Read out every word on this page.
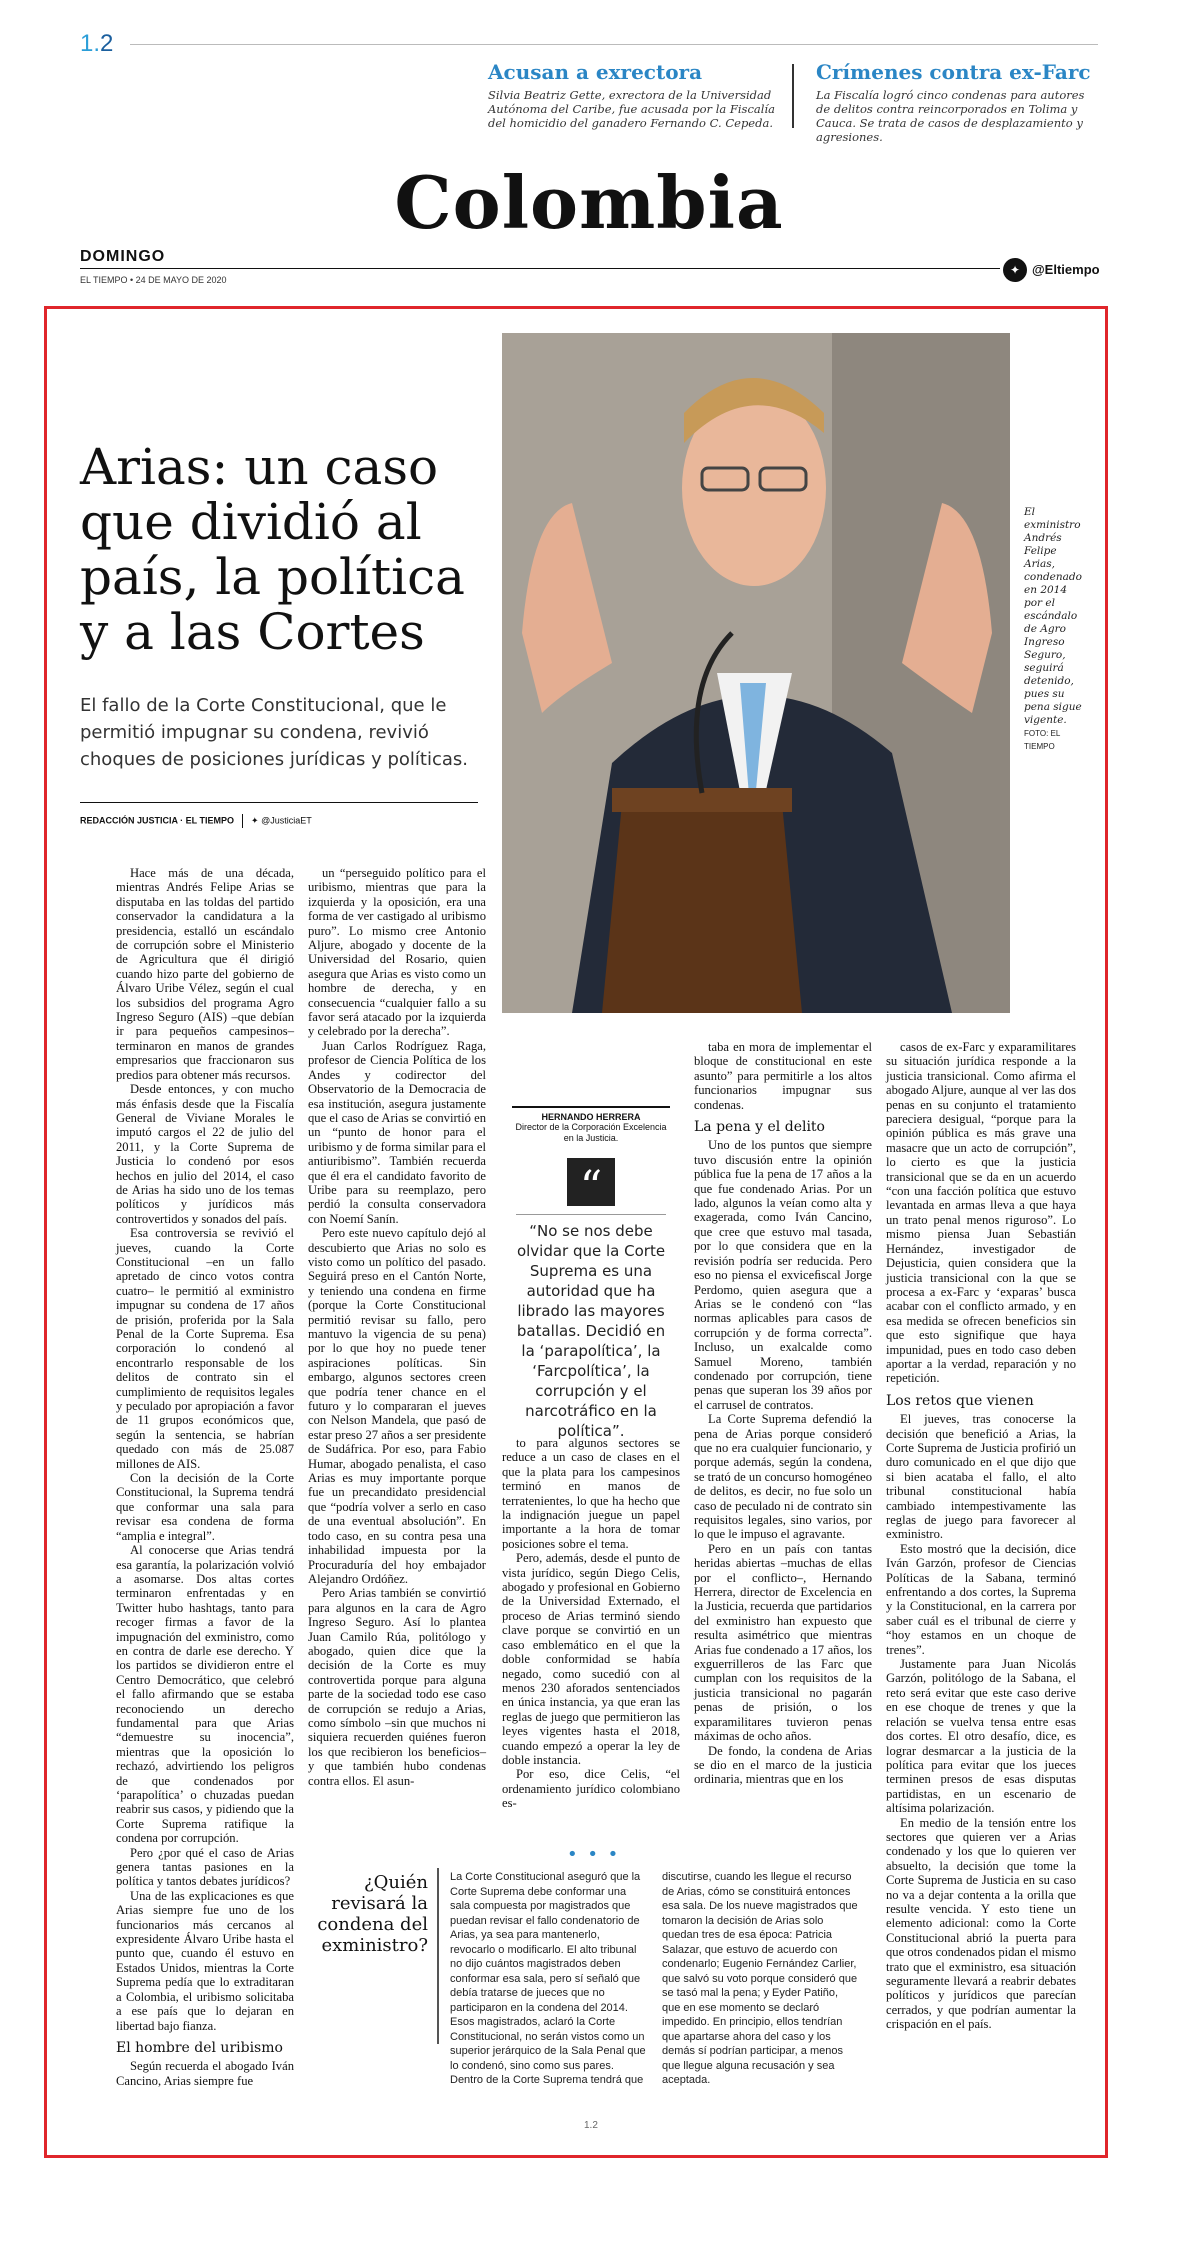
1.2
Acusan a exrectora

Silvia Beatriz Gette, exrectora de la Universidad Autónoma del Caribe, fue acusada por la Fiscalía del homicidio del ganadero Fernando C. Cepeda.

Crímenes contra ex-Farc

La Fiscalía logró cinco condenas para autores de delitos contra reincorporados en Tolima y Cauca. Se trata de casos de desplazamiento y agresiones.

Colombia
DOMINGO
EL TIEMPO • 24 DE MAYO DE 2020
✦ @Eltiempo
Arias: un caso que dividió al país, la política y a las Cortes

El fallo de la Corte Constitucional, que le permitió impugnar su condena, revivió choques de posiciones jurídicas y políticas.

REDACCIÓN JUSTICIA · EL TIEMPO ✦ @JusticiaET
El exministro Andrés Felipe Arias, condenado en 2014 por el escándalo de Agro Ingreso Seguro, seguirá detenido, pues su pena sigue vigente. FOTO: EL TIEMPO

Hace más de una década, mientras Andrés Felipe Arias se disputaba en las toldas del partido conservador la candidatura a la presidencia, estalló un escándalo de corrupción sobre el Ministerio de Agricultura que él dirigió cuando hizo parte del gobierno de Álvaro Uribe Vélez, según el cual los subsidios del programa Agro Ingreso Seguro (AIS) –que debían ir para pequeños campesinos– terminaron en manos de grandes empresarios que fraccionaron sus predios para obtener más recursos.

Desde entonces, y con mucho más énfasis desde que la Fiscalía General de Viviane Morales le imputó cargos el 22 de julio del 2011, y la Corte Suprema de Justicia lo condenó por esos hechos en julio del 2014, el caso de Arias ha sido uno de los temas políticos y jurídicos más controvertidos y sonados del país.

Esa controversia se revivió el jueves, cuando la Corte Constitucional –en un fallo apretado de cinco votos contra cuatro– le permitió al exministro impugnar su condena de 17 años de prisión, proferida por la Sala Penal de la Corte Suprema. Esa corporación lo condenó al encontrarlo responsable de los delitos de contrato sin el cumplimiento de requisitos legales y peculado por apropiación a favor de 11 grupos económicos que, según la sentencia, se habrían quedado con más de 25.087 millones de AIS.

Con la decisión de la Corte Constitucional, la Suprema tendrá que conformar una sala para revisar esa condena de forma “amplia e integral”.

Al conocerse que Arias tendrá esa garantía, la polarización volvió a asomarse. Dos altas cortes terminaron enfrentadas y en Twitter hubo hashtags, tanto para recoger firmas a favor de la impugnación del exministro, como en contra de darle ese derecho. Y los partidos se dividieron entre el Centro Democrático, que celebró el fallo afirmando que se estaba reconociendo un derecho fundamental para que Arias “demuestre su inocencia”, mientras que la oposición lo rechazó, advirtiendo los peligros de que condenados por ‘parapolítica’ o chuzadas puedan reabrir sus casos, y pidiendo que la Corte Suprema ratifique la condena por corrupción.

Pero ¿por qué el caso de Arias genera tantas pasiones en la política y tantos debates jurídicos?

Una de las explicaciones es que Arias siempre fue uno de los funcionarios más cercanos al expresidente Álvaro Uribe hasta el punto que, cuando él estuvo en Estados Unidos, mientras la Corte Suprema pedía que lo extraditaran a Colombia, el uribismo solicitaba a ese país que lo dejaran en libertad bajo fianza.

El hombre del uribismo

Según recuerda el abogado Iván Cancino, Arias siempre fue

un “perseguido político para el uribismo, mientras que para la izquierda y la oposición, era una forma de ver castigado al uribismo puro”. Lo mismo cree Antonio Aljure, abogado y docente de la Universidad del Rosario, quien asegura que Arias es visto como un hombre de derecha, y en consecuencia “cualquier fallo a su favor será atacado por la izquierda y celebrado por la derecha”.

Juan Carlos Rodríguez Raga, profesor de Ciencia Política de los Andes y codirector del Observatorio de la Democracia de esa institución, asegura justamente que el caso de Arias se convirtió en un “punto de honor para el uribismo y de forma similar para el antiuribismo”. También recuerda que él era el candidato favorito de Uribe para su reemplazo, pero perdió la consulta conservadora con Noemí Sanín.

Pero este nuevo capítulo dejó al descubierto que Arias no solo es visto como un político del pasado. Seguirá preso en el Cantón Norte, y teniendo una condena en firme (porque la Corte Constitucional permitió revisar su fallo, pero mantuvo la vigencia de su pena) por lo que hoy no puede tener aspiraciones políticas. Sin embargo, algunos sectores creen que podría tener chance en el futuro y lo compararan el jueves con Nelson Mandela, que pasó de estar preso 27 años a ser presidente de Sudáfrica. Por eso, para Fabio Humar, abogado penalista, el caso Arias es muy importante porque fue un precandidato presidencial que “podría volver a serlo en caso de una eventual absolución”. En todo caso, en su contra pesa una inhabilidad impuesta por la Procuraduría del hoy embajador Alejandro Ordóñez.

Pero Arias también se convirtió para algunos en la cara de Agro Ingreso Seguro. Así lo plantea Juan Camilo Rúa, politólogo y abogado, quien dice que la decisión de la Corte es muy controvertida porque para alguna parte de la sociedad todo ese caso de corrupción se redujo a Arias, como símbolo –sin que muchos ni siquiera recuerden quiénes fueron los que recibieron los beneficios– y que también hubo condenas contra ellos. El asun-

HERNANDO HERRERA
Director de la Corporación Excelencia en la Justicia.
“
“No se nos debe olvidar que la Corte Suprema es una autoridad que ha librado las mayores batallas. Decidió en la ‘parapolítica’, la ‘Farcpolítica’, la corrupción y el narcotráfico en la política”.

to para algunos sectores se reduce a un caso de clases en el que la plata para los campesinos terminó en manos de terratenientes, lo que ha hecho que la indignación juegue un papel importante a la hora de tomar posiciones sobre el tema.

Pero, además, desde el punto de vista jurídico, según Diego Celis, abogado y profesional en Gobierno de la Universidad Externado, el proceso de Arias terminó siendo clave porque se convirtió en un caso emblemático en el que la doble conformidad se había negado, como sucedió con al menos 230 aforados sentenciados en única instancia, ya que eran las reglas de juego que permitieron las leyes vigentes hasta el 2018, cuando empezó a operar la ley de doble instancia.

Por eso, dice Celis, “el ordenamiento jurídico colombiano es-

taba en mora de implementar el bloque de constitucional en este asunto” para permitirle a los altos funcionarios impugnar sus condenas.

La pena y el delito

Uno de los puntos que siempre tuvo discusión entre la opinión pública fue la pena de 17 años a la que fue condenado Arias. Por un lado, algunos la veían como alta y exagerada, como Iván Cancino, que cree que estuvo mal tasada, por lo que considera que en la revisión podría ser reducida. Pero eso no piensa el exviceﬁscal Jorge Perdomo, quien asegura que a Arias se le condenó con “las normas aplicables para casos de corrupción y de forma correcta”. Incluso, un exalcalde como Samuel Moreno, también condenado por corrupción, tiene penas que superan los 39 años por el carrusel de contratos.

La Corte Suprema defendió la pena de Arias porque consideró que no era cualquier funcionario, y porque además, según la condena, se trató de un concurso homogéneo de delitos, es decir, no fue solo un caso de peculado ni de contrato sin requisitos legales, sino varios, por lo que le impuso el agravante.

Pero en un país con tantas heridas abiertas –muchas de ellas por el conflicto–, Hernando Herrera, director de Excelencia en la Justicia, recuerda que partidarios del exministro han expuesto que resulta asimétrico que mientras Arias fue condenado a 17 años, los exguerrilleros de las Farc que cumplan con los requisitos de la justicia transicional no pagarán penas de prisión, o los exparamilitares tuvieron penas máximas de ocho años.

De fondo, la condena de Arias se dio en el marco de la justicia ordinaria, mientras que en los

casos de ex-Farc y exparamilitares su situación jurídica responde a la justicia transicional. Como afirma el abogado Aljure, aunque al ver las dos penas en su conjunto el tratamiento pareciera desigual, “porque para la opinión pública es más grave una masacre que un acto de corrupción”, lo cierto es que la justicia transicional que se da en un acuerdo “con una facción política que estuvo levantada en armas lleva a que haya un trato penal menos riguroso”. Lo mismo piensa Juan Sebastián Hernández, investigador de Dejusticia, quien considera que la justicia transicional con la que se procesa a ex-Farc y ‘exparas’ busca acabar con el conflicto armado, y en esa medida se ofrecen beneficios sin que esto signifique que haya impunidad, pues en todo caso deben aportar a la verdad, reparación y no repetición.

Los retos que vienen

El jueves, tras conocerse la decisión que benefició a Arias, la Corte Suprema de Justicia profirió un duro comunicado en el que dijo que si bien acataba el fallo, el alto tribunal constitucional había cambiado intempestivamente las reglas de juego para favorecer al exministro.

Esto mostró que la decisión, dice Iván Garzón, profesor de Ciencias Políticas de la Sabana, terminó enfrentando a dos cortes, la Suprema y la Constitucional, en la carrera por saber cuál es el tribunal de cierre y “hoy estamos en un choque de trenes”.

Justamente para Juan Nicolás Garzón, politólogo de la Sabana, el reto será evitar que este caso derive en ese choque de trenes y que la relación se vuelva tensa entre esas dos cortes. El otro desafío, dice, es lograr desmarcar a la justicia de la política para evitar que los jueces terminen presos de esas disputas partidistas, en un escenario de altísima polarización.

En medio de la tensión entre los sectores que quieren ver a Arias condenado y los que lo quieren ver absuelto, la decisión que tome la Corte Suprema de Justicia en su caso no va a dejar contenta a la orilla que resulte vencida. Y esto tiene un elemento adicional: como la Corte Constitucional abrió la puerta para que otros condenados pidan el mismo trato que el exministro, esa situación seguramente llevará a reabrir debates políticos y jurídicos que parecían cerrados, y que podrían aumentar la crispación en el país.

• • •
¿Quién revisará la condena del exministro?

La Corte Constitucional aseguró que la Corte Suprema debe conformar una sala compuesta por magistrados que puedan revisar el fallo condenatorio de Arias, ya sea para mantenerlo, revocarlo o modificarlo. El alto tribunal no dijo cuántos magistrados deben conformar esa sala, pero sí señaló que debía tratarse de jueces que no participaron en la condena del 2014. Esos magistrados, aclaró la Corte Constitucional, no serán vistos como un superior jerárquico de la Sala Penal que lo condenó, sino como sus pares. Dentro de la Corte Suprema tendrá que

discutirse, cuando les llegue el recurso de Arias, cómo se constituirá entonces esa sala. De los nueve magistrados que tomaron la decisión de Arias solo quedan tres de esa época: Patricia Salazar, que estuvo de acuerdo con condenarlo; Eugenio Fernández Carlier, que salvó su voto porque consideró que se tasó mal la pena; y Eyder Patiño, que en ese momento se declaró impedido. En principio, ellos tendrían que apartarse ahora del caso y los demás sí podrían participar, a menos que llegue alguna recusación y sea aceptada.

1.2
